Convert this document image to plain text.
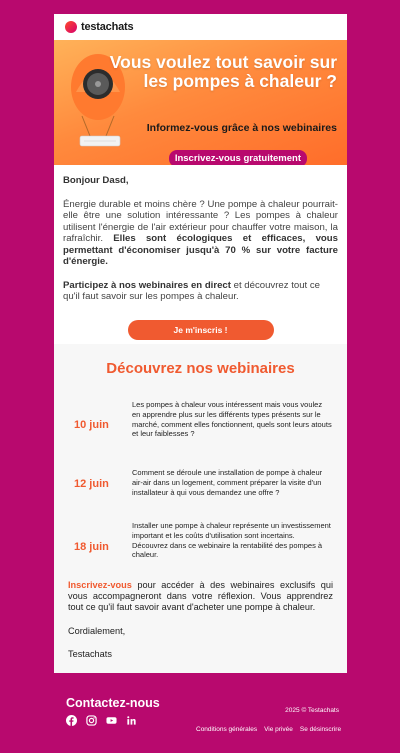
testachats
Vous voulez tout savoir sur les pompes à chaleur ?
Informez-vous grâce à nos webinaires
Inscrivez-vous gratuitement
Bonjour Dasd,

Énergie durable et moins chère ? Une pompe à chaleur pourrait-elle être une solution intéressante ? Les pompes à chaleur utilisent l'énergie de l'air extérieur pour chauffer votre maison, la rafraîchir. Elles sont écologiques et efficaces, vous permettant d'économiser jusqu'à 70 % sur votre facture d'énergie.

Participez à nos webinaires en direct et découvrez tout ce qu'il faut savoir sur les pompes à chaleur.

Je m'inscris !
Découvrez nos webinaires
10 juin
Les pompes à chaleur vous intéressent mais vous voulez en apprendre plus sur les différents types présents sur le marché, comment elles fonctionnent, quels sont leurs atouts et leur faiblesses ?
12 juin
Comment se déroule une installation de pompe à chaleur air-air dans un logement, comment préparer la visite d'un installateur à qui vous demandez une offre ?
18 juin
Installer une pompe à chaleur représente un investissement important et les coûts d'utilisation sont incertains. Découvrez dans ce webinaire la rentabilité des pompes à chaleur.

Inscrivez-vous pour accéder à des webinaires exclusifs qui vous accompagneront dans votre réflexion. Vous apprendrez tout ce qu'il faut savoir avant d'acheter une pompe à chaleur.

Cordialement,

Testachats

Contactez-nous
2025 © Testachats
Conditions générales Vie privée Se désinscrire
